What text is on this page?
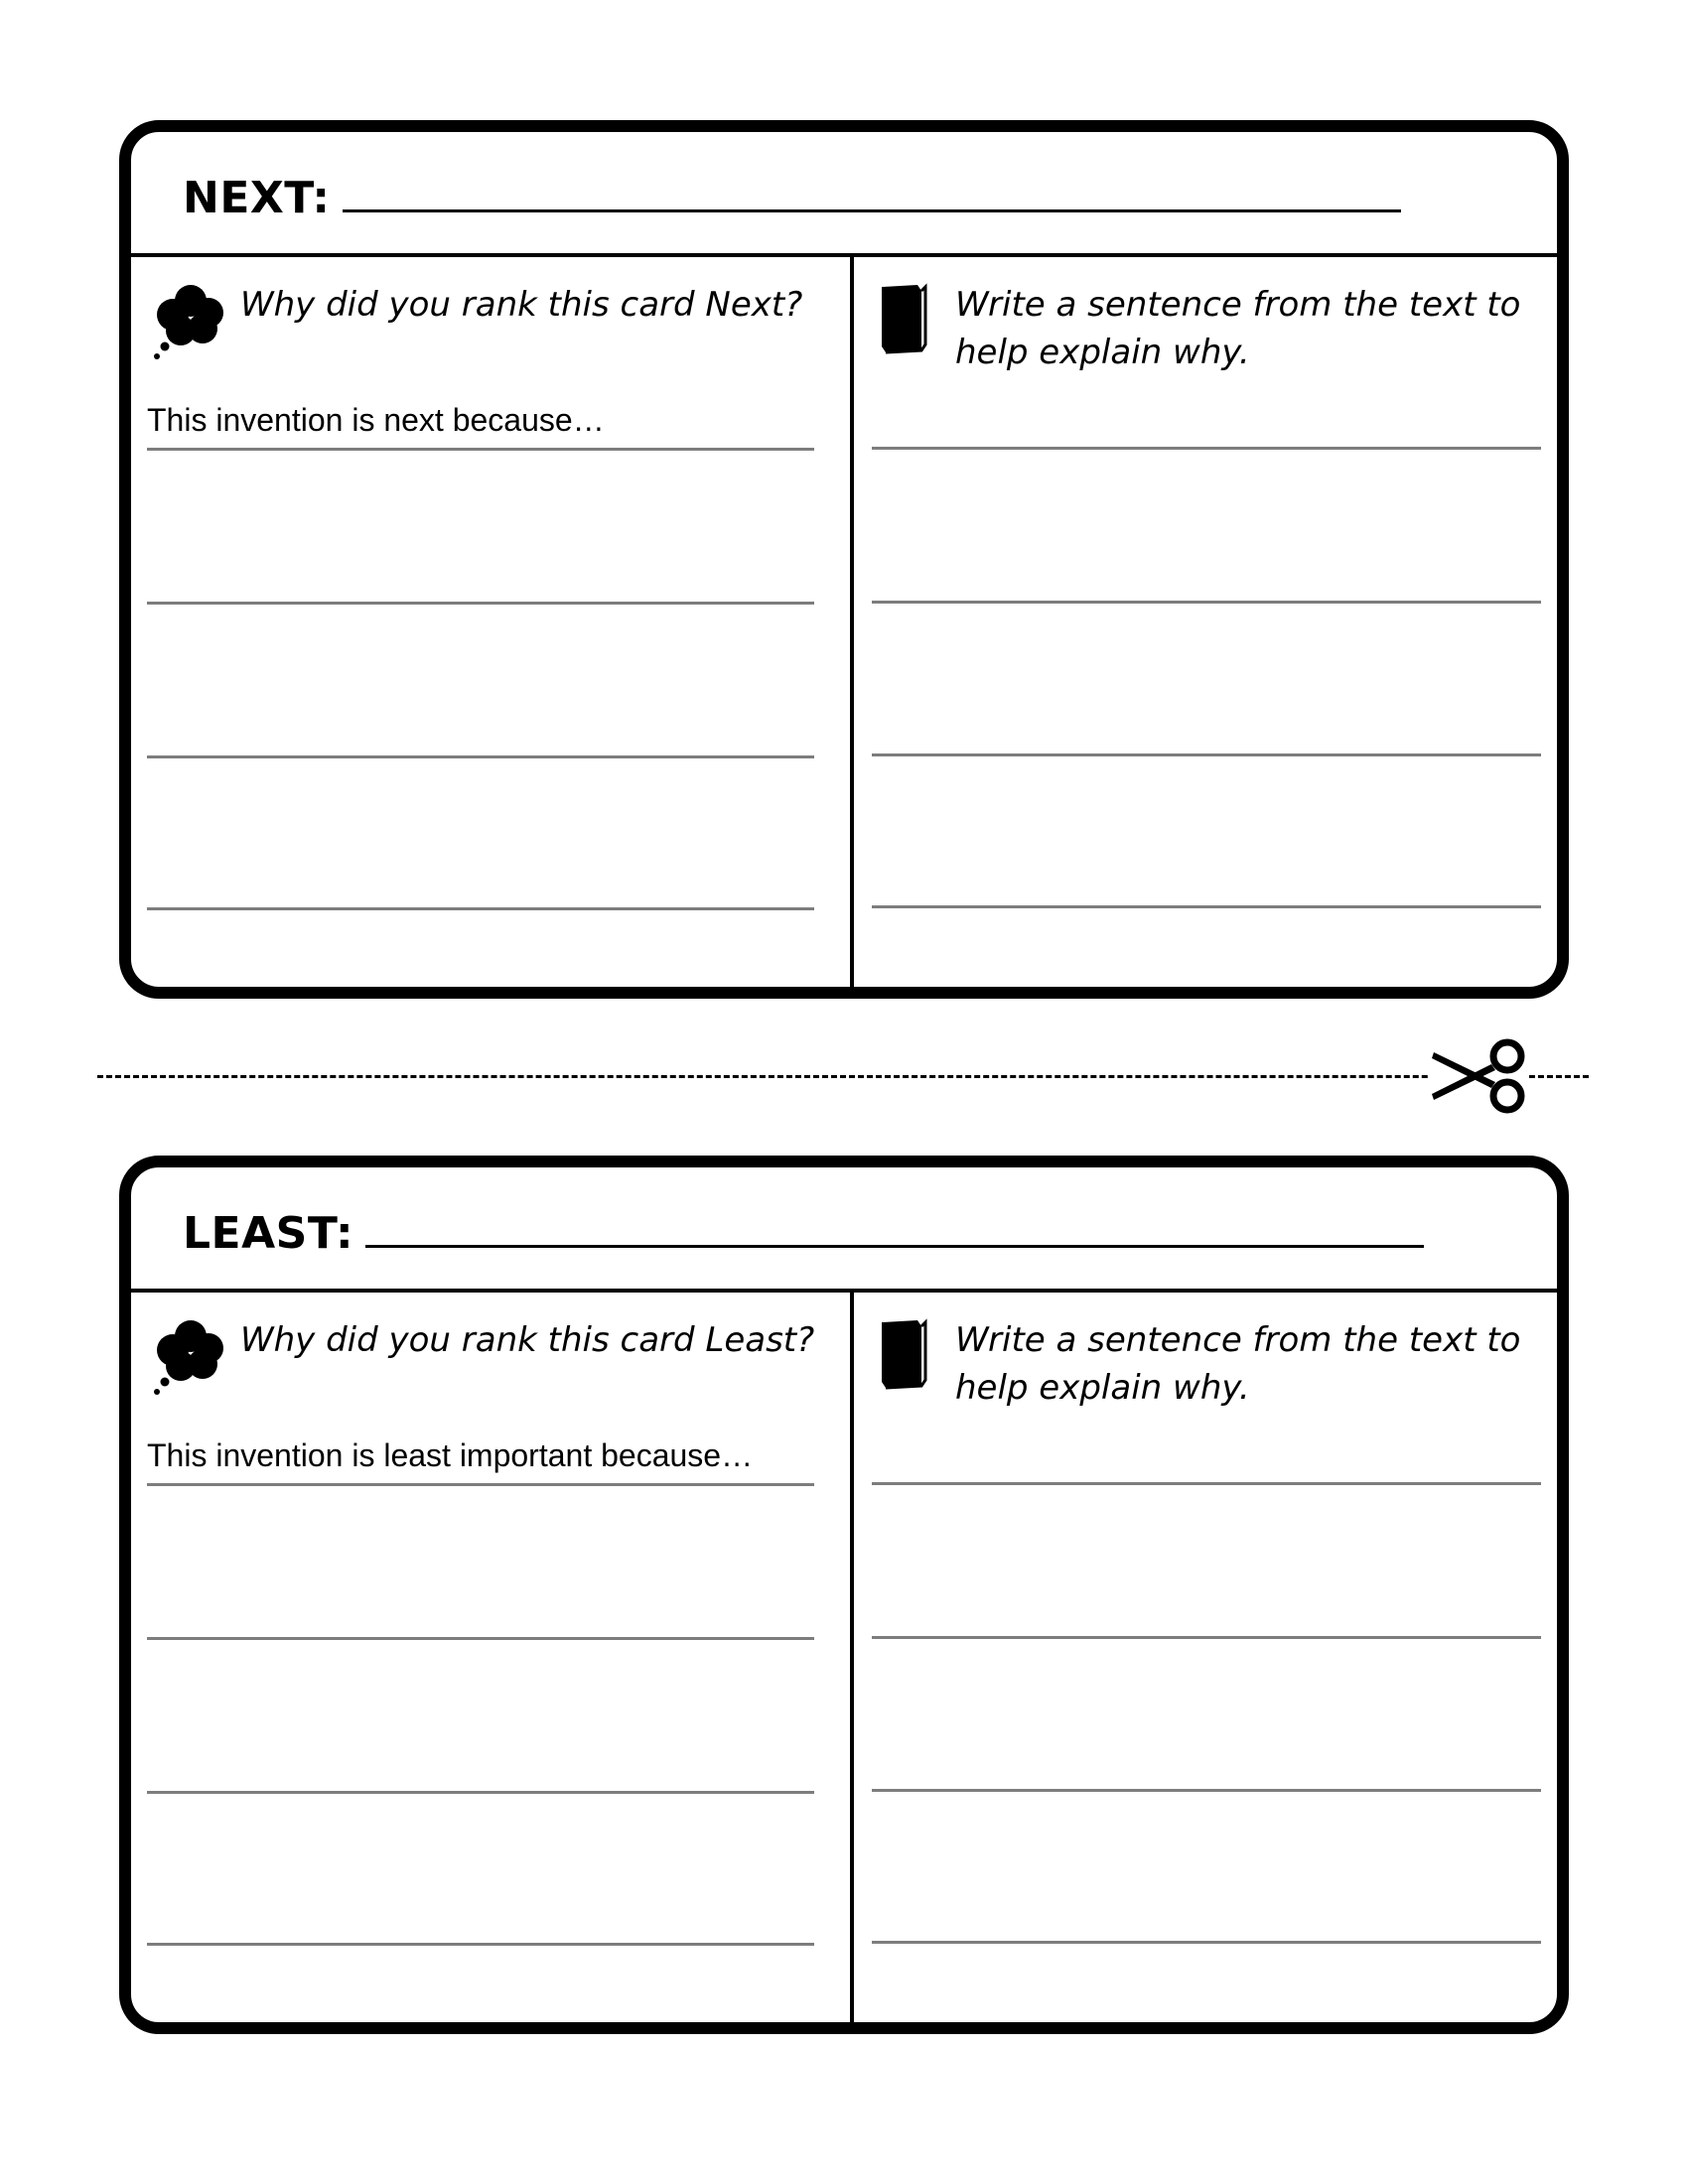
NEXT:
Why did you rank this card Next?	Write a sentence from the text to help explain why.
This invention is next because…
LEAST:
Why did you rank this card Least?	Write a sentence from the text to help explain why.
This invention is least important because…
